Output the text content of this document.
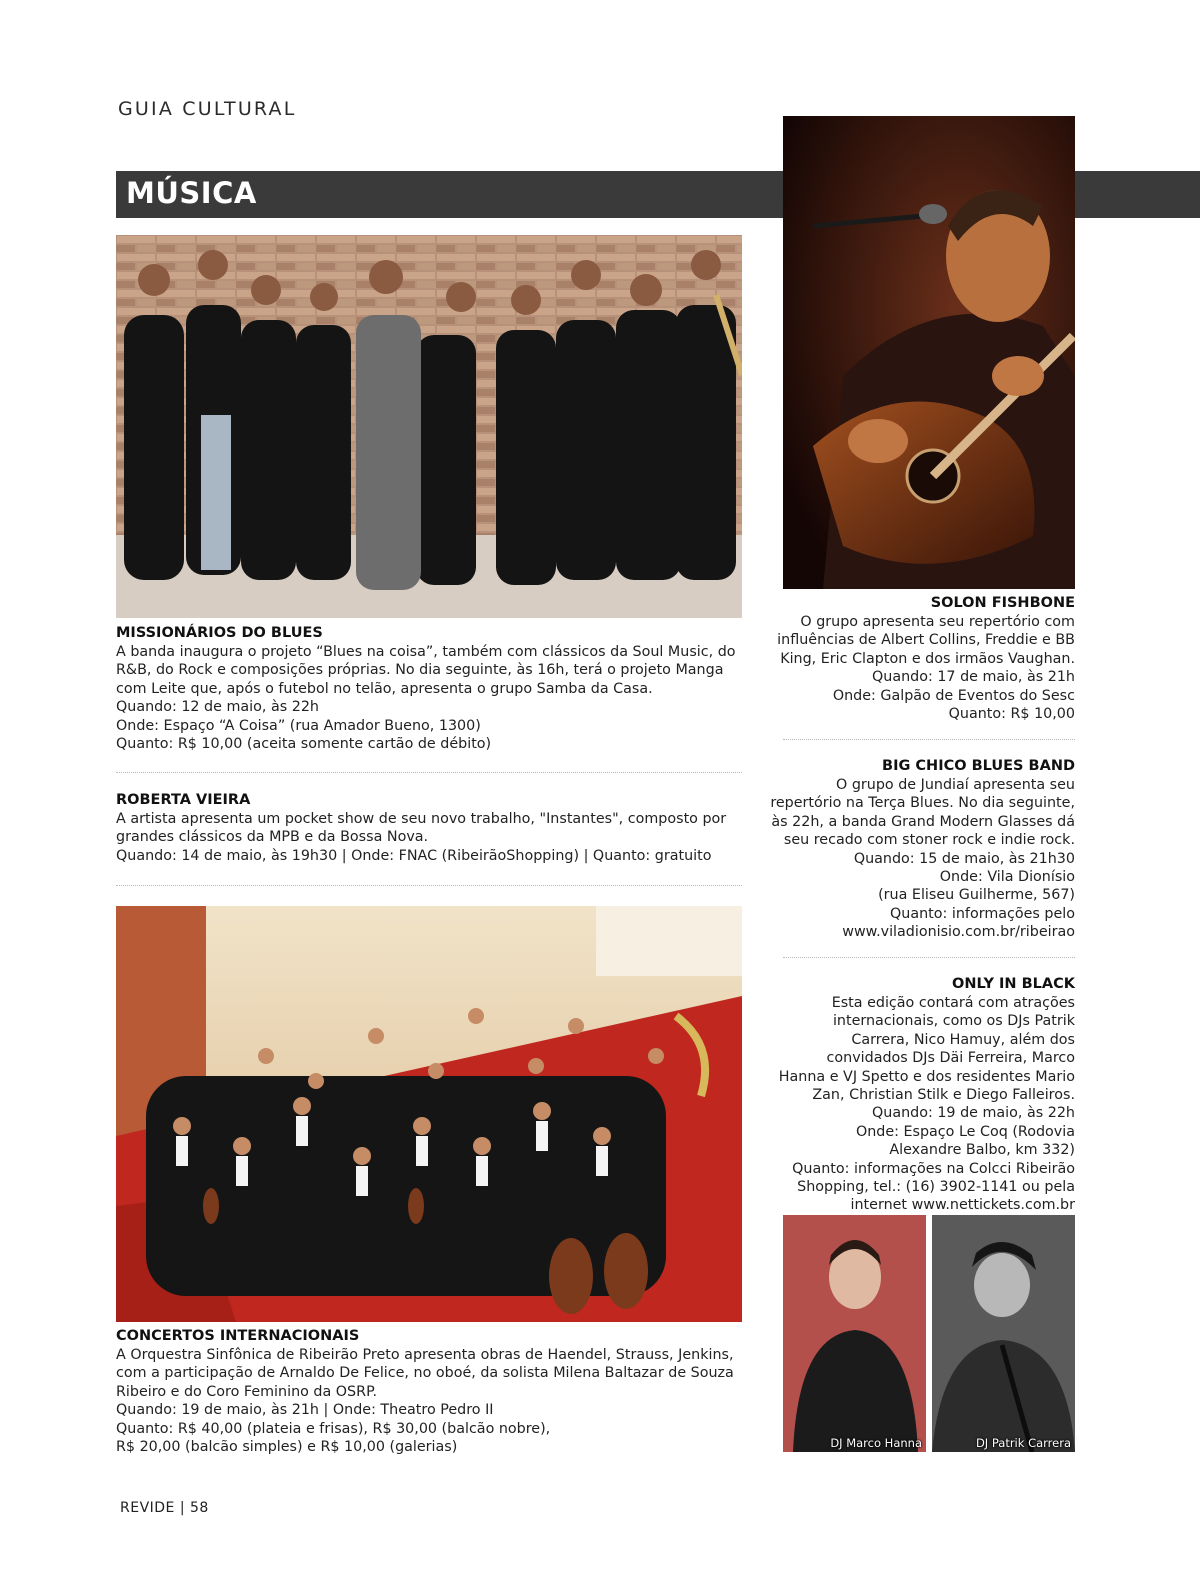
GUIA CULTURAL
MÚSICA
DJ Marco Hanna	DJ Patrik Carrera
MISSIONÁRIOS DO BLUES
A banda inaugura o projeto “Blues na coisa”, também com clássicos da Soul Music, do
R&B, do Rock e composições próprias. No dia seguinte, às 16h, terá o projeto Manga
com Leite que, após o futebol no telão, apresenta o grupo Samba da Casa.
Quando: 12 de maio, às 22h
Onde: Espaço “A Coisa” (rua Amador Bueno, 1300)
Quanto: R$ 10,00 (aceita somente cartão de débito)
ROBERTA VIEIRA
A artista apresenta um pocket show de seu novo trabalho, "Instantes", composto por
grandes clássicos da MPB e da Bossa Nova.
Quando: 14 de maio, às 19h30 | Onde: FNAC (RibeirãoShopping) | Quanto: gratuito
CONCERTOS INTERNACIONAIS
A Orquestra Sinfônica de Ribeirão Preto apresenta obras de Haendel, Strauss, Jenkins,
com a participação de Arnaldo De Felice, no oboé, da solista Milena Baltazar de Souza
Ribeiro e do Coro Feminino da OSRP.
Quando: 19 de maio, às 21h | Onde: Theatro Pedro II
Quanto: R$ 40,00 (plateia e frisas), R$ 30,00 (balcão nobre),
R$ 20,00 (balcão simples) e R$ 10,00 (galerias)
SOLON FISHBONE
O grupo apresenta seu repertório com
influências de Albert Collins, Freddie e BB
King, Eric Clapton e dos irmãos Vaughan.
Quando: 17 de maio, às 21h
Onde: Galpão de Eventos do Sesc
Quanto: R$ 10,00
BIG CHICO BLUES BAND
O grupo de Jundiaí apresenta seu
repertório na Terça Blues. No dia seguinte,
às 22h, a banda Grand Modern Glasses dá
seu recado com stoner rock e indie rock.
Quando: 15 de maio, às 21h30
Onde: Vila Dionísio
(rua Eliseu Guilherme, 567)
Quanto: informações pelo
www.viladionisio.com.br/ribeirao
ONLY IN BLACK
Esta edição contará com atrações
internacionais, como os DJs Patrik
Carrera, Nico Hamuy, além dos
convidados DJs Däi Ferreira, Marco
Hanna e VJ Spetto e dos residentes Mario
Zan, Christian Stilk e Diego Falleiros.
Quando: 19 de maio, às 22h
Onde: Espaço Le Coq (Rodovia
Alexandre Balbo, km 332)
Quanto: informações na Colcci Ribeirão
Shopping, tel.: (16) 3902-1141 ou pela
internet www.nettickets.com.br
REVIDE | 58
